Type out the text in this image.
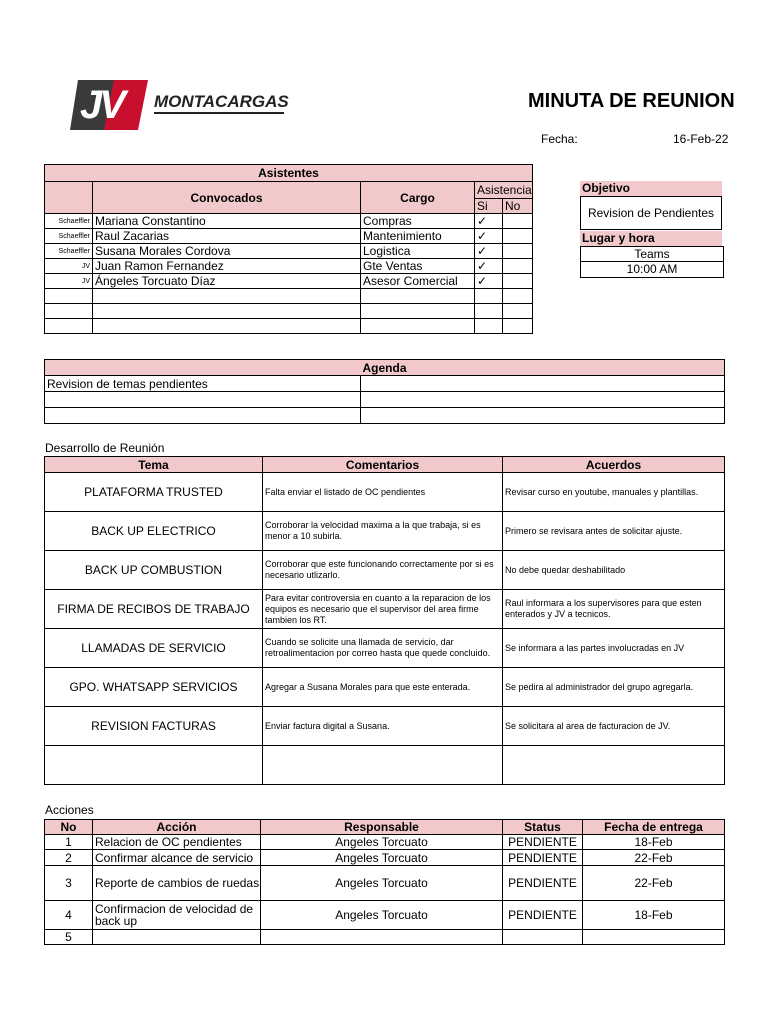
JV	MONTACARGAS	MINUTA DE REUNION
Fecha:	16-Feb-22
Asistentes				
	Convocados	Cargo	Asistencia	
			Si	No
Schaeffler	Mariana Constantino	Compras	✓	
Schaeffler	Raul Zacarias	Mantenimiento	✓	
Schaeffler	Susana Morales Cordova	Logistica	✓	
JV	Juan Ramon Fernandez	Gte Ventas	✓	
JV	Ángeles Torcuato Díaz	Asesor Comercial	✓	

Objetivo
Revision de Pendientes
Lugar y hora
Teams
10:00 AM
Agenda	
Revision de temas pendientes	

Desarrollo de Reunión
Tema	Comentarios	Acuerdos
PLATAFORMA TRUSTED	Falta enviar el listado de OC pendientes	Revisar curso en youtube, manuales y plantillas.
BACK UP ELECTRICO	Corroborar la velocidad maxima a la que trabaja, si es menor a 10 subirla.	Primero se revisara antes de solicitar ajuste.
BACK UP COMBUSTION	Corroborar que este funcionando correctamente por si es necesario utlizarlo.	No debe quedar deshabilitado
FIRMA DE RECIBOS DE TRABAJO	Para evitar controversia en cuanto a la reparacion de los equipos es necesario que el supervisor del area firme tambien los RT.	Raul informara a los supervisores para que esten enterados y JV a tecnicos.
LLAMADAS DE SERVICIO	Cuando se solicite una llamada de servicio, dar retroalimentacion por correo hasta que quede concluido.	Se informara a las partes involucradas en JV
GPO. WHATSAPP SERVICIOS	Agregar a Susana Morales para que este enterada.	Se pedira al administrador del grupo agregarla.
REVISION FACTURAS	Enviar factura digital a Susana.	Se solicitara al area de facturacion de JV.

Acciones
No	Acción	Responsable	Status	Fecha de entrega
1	Relacion de OC pendientes	Angeles Torcuato	PENDIENTE	18-Feb
2	Confirmar alcance de servicio	Angeles Torcuato	PENDIENTE	22-Feb
3	Reporte de cambios de ruedas	Angeles Torcuato	PENDIENTE	22-Feb
4	Confirmacion de velocidad de back up	Angeles Torcuato	PENDIENTE	18-Feb
5				
